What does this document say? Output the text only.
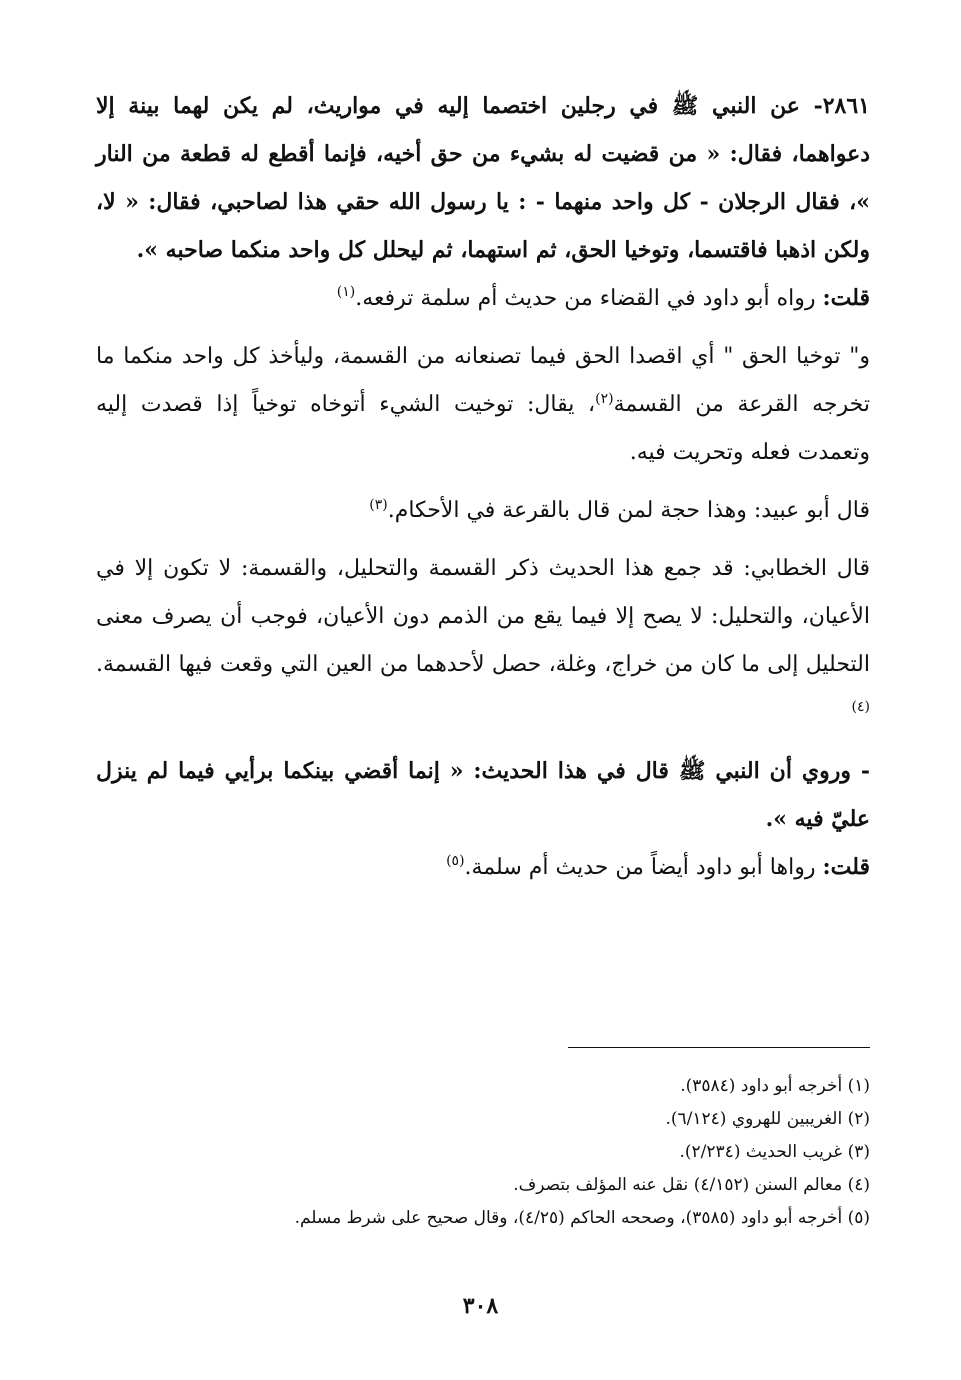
٢٨٦١- عن النبي ﷺ في رجلين اختصما إليه في مواريث، لم يكن لهما بينة إلا دعواهما، فقال: « من قضيت له بشيء من حق أخيه، فإنما أقطع له قطعة من النار »، فقال الرجلان - كل واحد منهما - : يا رسول الله حقي هذا لصاحبي، فقال: « لا، ولكن اذهبا فاقتسما، وتوخيا الحق، ثم استهما، ثم ليحلل كل واحد منكما صاحبه ».

قلت: رواه أبو داود في القضاء من حديث أم سلمة ترفعه.$^{(١)}$

و" توخيا الحق " أي اقصدا الحق فيما تصنعانه من القسمة، وليأخذ كل واحد منكما ما تخرجه القرعة من القسمة$^{(٢)}$، يقال: توخيت الشيء أتوخاه توخياً إذا قصدت إليه وتعمدت فعله وتحريت فيه.

قال أبو عبيد: وهذا حجة لمن قال بالقرعة في الأحكام.$^{(٣)}$

قال الخطابي: قد جمع هذا الحديث ذكر القسمة والتحليل، والقسمة: لا تكون إلا في الأعيان، والتحليل: لا يصح إلا فيما يقع من الذمم دون الأعيان، فوجب أن يصرف معنى التحليل إلى ما كان من خراج، وغلة، حصل لأحدهما من العين التي وقعت فيها القسمة.$^{(٤)}$

- وروي أن النبي ﷺ قال في هذا الحديث: « إنما أقضي بينكما برأيي فيما لم ينزل عليّ فيه ».

قلت: رواها أبو داود أيضاً من حديث أم سلمة.$^{(٥)}$

(١) أخرجه أبو داود (٣٥٨٤).

(٢) الغريبين للهروي (٦/١٢٤).

(٣) غريب الحديث (٢/٢٣٤).

(٤) معالم السنن (٤/١٥٢) نقل عنه المؤلف بتصرف.

(٥) أخرجه أبو داود (٣٥٨٥)، وصححه الحاكم (٤/٢٥)، وقال صحيح على شرط مسلم.

٣٠٨
